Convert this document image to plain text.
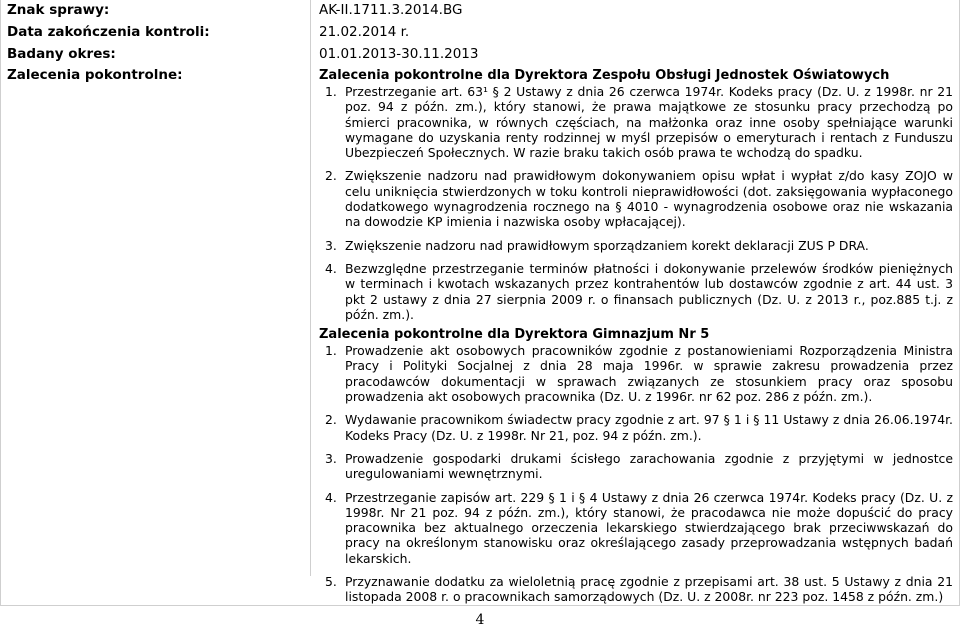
Znak sprawy:	AK-II.1711.3.2014.BG
Data zakończenia kontroli:	21.02.2014 r.
Badany okres:	01.01.2013-30.11.2013
Zalecenia pokontrolne:	Zalecenia pokontrolne dla Dyrektora Zespołu Obsługi Jednostek Oświatowych

1. Przestrzeganie art. 63¹ § 2 Ustawy z dnia 26 czerwca 1974r. Kodeks pracy (Dz. U. z 1998r. nr 21 poz. 94 z późn. zm.), który stanowi, że prawa majątkowe ze stosunku pracy przechodzą po śmierci pracownika, w równych częściach, na małżonka oraz inne osoby spełniające warunki wymagane do uzyskania renty rodzinnej w myśl przepisów o emeryturach i rentach z Funduszu Ubezpieczeń Społecznych. W razie braku takich osób prawa te wchodzą do spadku.
2. Zwiększenie nadzoru nad prawidłowym dokonywaniem opisu wpłat i wypłat z/do kasy ZOJO w celu uniknięcia stwierdzonych w toku kontroli nieprawidłowości (dot. zaksięgowania wypłaconego dodatkowego wynagrodzenia rocznego na § 4010 - wynagrodzenia osobowe oraz nie wskazania na dowodzie KP imienia i nazwiska osoby wpłacającej).
3. Zwiększenie nadzoru nad prawidłowym sporządzaniem korekt deklaracji ZUS P DRA.
4. Bezwzględne przestrzeganie terminów płatności i dokonywanie przelewów środków pieniężnych w terminach i kwotach wskazanych przez kontrahentów lub dostawców zgodnie z art. 44 ust. 3 pkt 2 ustawy z dnia 27 sierpnia 2009 r. o finansach publicznych (Dz. U. z 2013 r., poz.885 t.j. z późn. zm.).

Zalecenia pokontrolne dla Dyrektora Gimnazjum Nr 5

1. Prowadzenie akt osobowych pracowników zgodnie z postanowieniami Rozporządzenia Ministra Pracy i Polityki Socjalnej z dnia 28 maja 1996r. w sprawie zakresu prowadzenia przez pracodawców dokumentacji w sprawach związanych ze stosunkiem pracy oraz sposobu prowadzenia akt osobowych pracownika (Dz. U. z 1996r. nr 62 poz. 286 z późn. zm.).
2. Wydawanie pracownikom świadectw pracy zgodnie z art. 97 § 1 i § 11 Ustawy z dnia 26.06.1974r. Kodeks Pracy (Dz. U. z 1998r. Nr 21, poz. 94 z późn. zm.).
3. Prowadzenie gospodarki drukami ścisłego zarachowania zgodnie z przyjętymi w jednostce uregulowaniami wewnętrznymi.
4. Przestrzeganie zapisów art. 229 § 1 i § 4 Ustawy z dnia 26 czerwca 1974r. Kodeks pracy (Dz. U. z 1998r. Nr 21 poz. 94 z późn. zm.), który stanowi, że pracodawca nie może dopuścić do pracy pracownika bez aktualnego orzeczenia lekarskiego stwierdzającego brak przeciwwskazań do pracy na określonym stanowisku oraz określającego zasady przeprowadzania wstępnych badań lekarskich.
5. Przyznawanie dodatku za wieloletnią pracę zgodnie z przepisami art. 38 ust. 5 Ustawy z dnia 21 listopada 2008 r. o pracownikach samorządowych (Dz. U. z 2008r. nr 223 poz. 1458 z późn. zm.)
4
